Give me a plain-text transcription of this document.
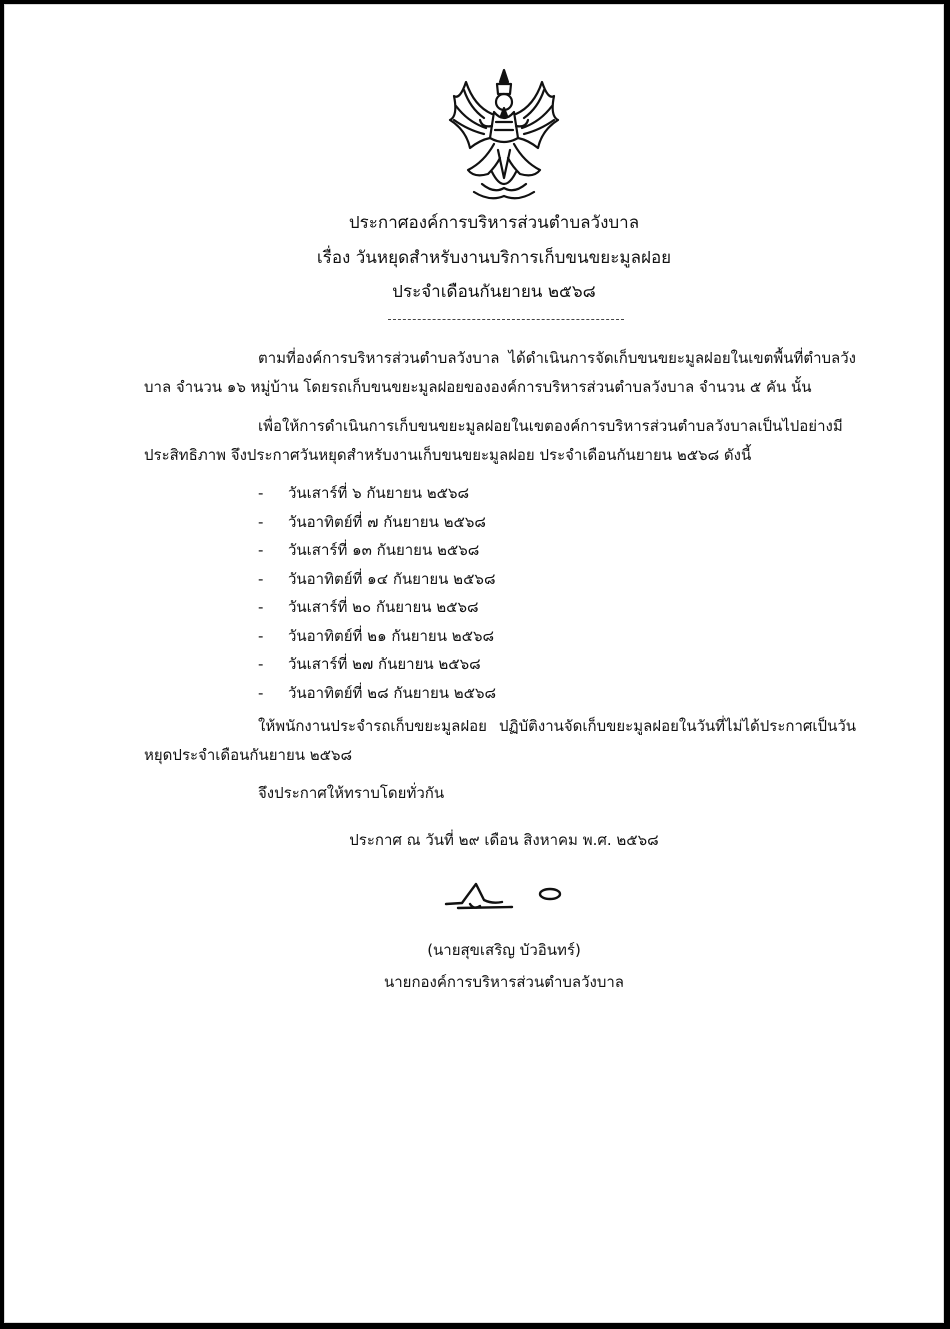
ประกาศองค์การบริหารส่วนตำบลวังบาล
เรื่อง วันหยุดสำหรับงานบริการเก็บขนขยะมูลฝอย
ประจำเดือนกันยายน ๒๕๖๘

ตามที่องค์การบริหารส่วนตำบลวังบาล ได้ดำเนินการจัดเก็บขนขยะมูลฝอยในเขตพื้นที่ตำบลวังบาล จำนวน ๑๖ หมู่บ้าน โดยรถเก็บขนขยะมูลฝอยขององค์การบริหารส่วนตำบลวังบาล จำนวน ๕ คัน นั้น

เพื่อให้การดำเนินการเก็บขนขยะมูลฝอยในเขตองค์การบริหารส่วนตำบลวังบาลเป็นไปอย่างมีประสิทธิภาพ จึงประกาศวันหยุดสำหรับงานเก็บขนขยะมูลฝอย ประจำเดือนกันยายน ๒๕๖๘ ดังนี้

- วันเสาร์ที่ ๖ กันยายน ๒๕๖๘
- วันอาทิตย์ที่ ๗ กันยายน ๒๕๖๘
- วันเสาร์ที่ ๑๓ กันยายน ๒๕๖๘
- วันอาทิตย์ที่ ๑๔ กันยายน ๒๕๖๘
- วันเสาร์ที่ ๒๐ กันยายน ๒๕๖๘
- วันอาทิตย์ที่ ๒๑ กันยายน ๒๕๖๘
- วันเสาร์ที่ ๒๗ กันยายน ๒๕๖๘
- วันอาทิตย์ที่ ๒๘ กันยายน ๒๕๖๘

ให้พนักงานประจำรถเก็บขยะมูลฝอย ปฏิบัติงานจัดเก็บขยะมูลฝอยในวันที่ไม่ได้ประกาศเป็นวันหยุดประจำเดือนกันยายน ๒๕๖๘

จึงประกาศให้ทราบโดยทั่วกัน

ประกาศ ณ วันที่ ๒๙ เดือน สิงหาคม พ.ศ. ๒๕๖๘

(นายสุขเสริญ บัวอินทร์)

นายกองค์การบริหารส่วนตำบลวังบาล
